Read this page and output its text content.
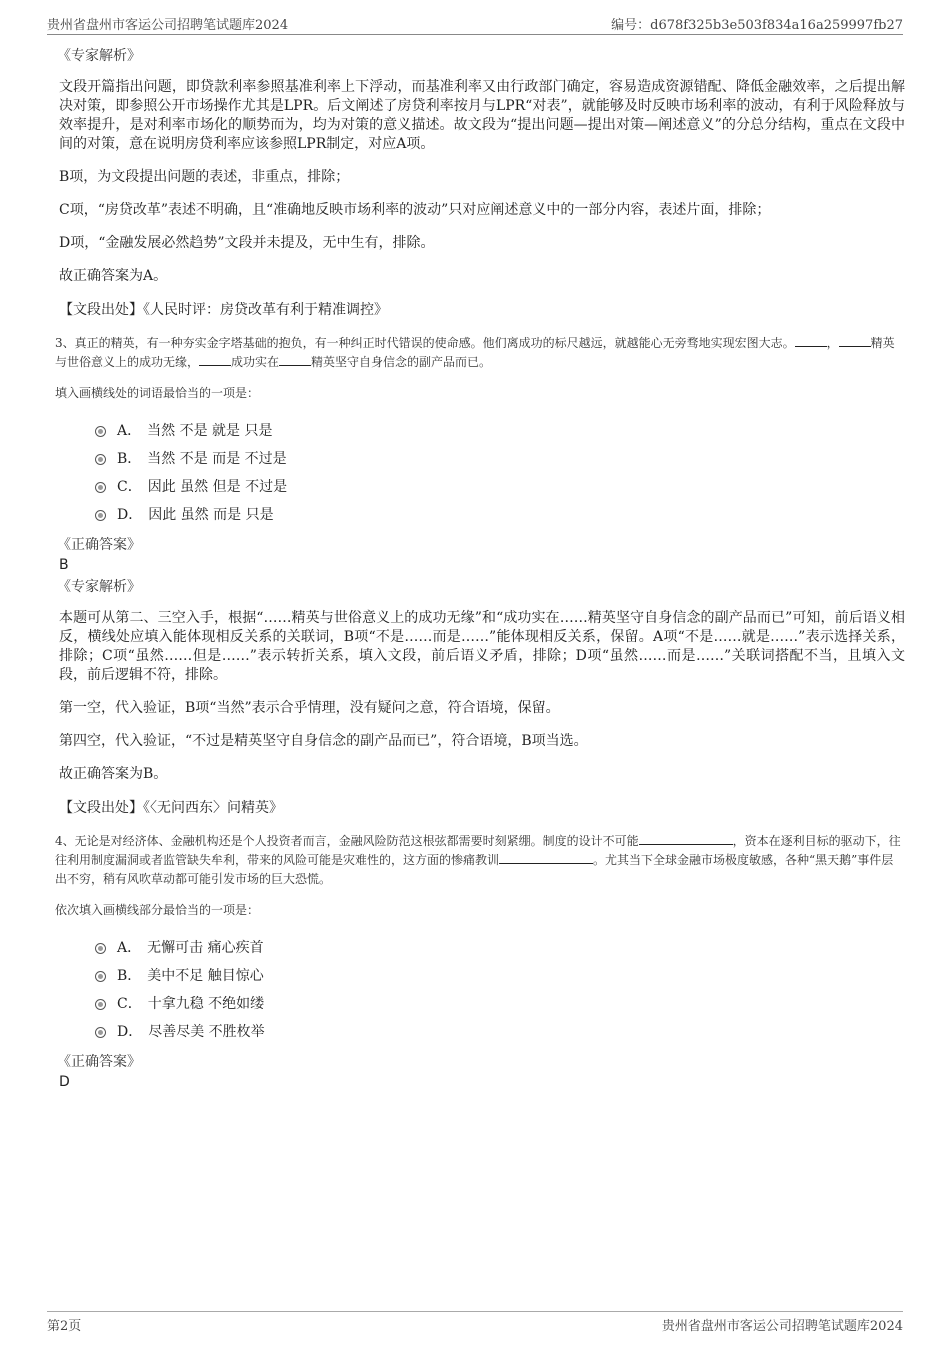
贵州省盘州市客运公司招聘笔试题库2024	编号：d678f325b3e503f834a16a259997fb27
《专家解析》

文段开篇指出问题，即贷款利率参照基准利率上下浮动，而基准利率又由行政部门确定，容易造成资源错配、降低金融效率，之后提出解决对策，即参照公开市场操作尤其是LPR。后文阐述了房贷利率按月与LPR“对表”，就能够及时反映市场利率的波动，有利于风险释放与效率提升，是对利率市场化的顺势而为，均为对策的意义描述。故文段为“提出问题—提出对策—阐述意义”的分总分结构，重点在文段中间的对策，意在说明房贷利率应该参照LPR制定，对应A项。

B项，为文段提出问题的表述，非重点，排除；

C项，“房贷改革”表述不明确，且“准确地反映市场利率的波动”只对应阐述意义中的一部分内容，表述片面，排除；

D项，“金融发展必然趋势”文段并未提及，无中生有，排除。

故正确答案为A。

【文段出处】《人民时评：房贷改革有利于精准调控》

3、真正的精英，有一种夯实金字塔基础的抱负，有一种纠正时代错误的使命感。他们离成功的标尺越远，就越能心无旁骛地实现宏图大志。	，	精英与世俗意义上的成功无缘，	成功实在	精英坚守自身信念的副产品而已。

填入画横线处的词语最恰当的一项是：

A． 当然 不是 就是 只是
B． 当然 不是 而是 不过是
C． 因此 虽然 但是 不过是
D． 因此 虽然 而是 只是
《正确答案》
B
《专家解析》

本题可从第二、三空入手，根据“……精英与世俗意义上的成功无缘”和“成功实在……精英坚守自身信念的副产品而已”可知，前后语义相反，横线处应填入能体现相反关系的关联词，B项“不是……而是……”能体现相反关系，保留。A项“不是……就是……”表示选择关系，排除；C项“虽然……但是……”表示转折关系，填入文段，前后语义矛盾，排除；D项“虽然……而是……”关联词搭配不当，且填入文段，前后逻辑不符，排除。

第一空，代入验证，B项“当然”表示合乎情理，没有疑问之意，符合语境，保留。

第四空，代入验证，“不过是精英坚守自身信念的副产品而已”，符合语境，B项当选。

故正确答案为B。

【文段出处】《〈无问西东〉问精英》

4、无论是对经济体、金融机构还是个人投资者而言，金融风险防范这根弦都需要时刻紧绷。制度的设计不可能	，资本在逐利目标的驱动下，往往利用制度漏洞或者监管缺失牟利，带来的风险可能是灾难性的，这方面的惨痛教训	。尤其当下全球金融市场极度敏感，各种“黑天鹅”事件层出不穷，稍有风吹草动都可能引发市场的巨大恐慌。

依次填入画横线部分最恰当的一项是：

A． 无懈可击 痛心疾首
B． 美中不足 触目惊心
C． 十拿九稳 不绝如缕
D． 尽善尽美 不胜枚举
《正确答案》
D
第2页	贵州省盘州市客运公司招聘笔试题库2024
